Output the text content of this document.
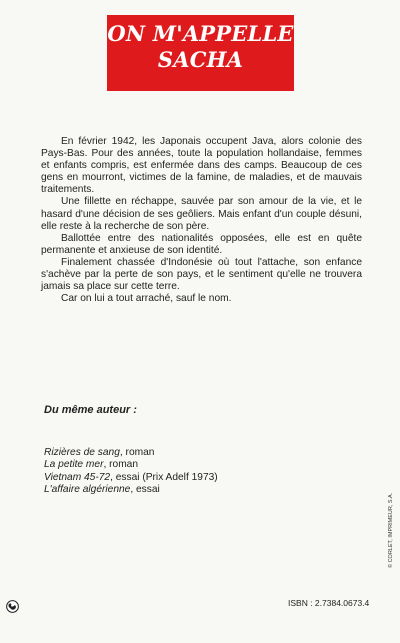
ON M'APPELLE
SACHA

En février 1942, les Japonais occupent Java, alors colonie des Pays-Bas. Pour des années, toute la population hollandaise, femmes et enfants compris, est enfermée dans des camps. Beaucoup de ces gens en mourront, victimes de la famine, de maladies, et de mauvais traitements.

Une fillette en réchappe, sauvée par son amour de la vie, et le hasard d'une décision de ses geôliers. Mais enfant d'un couple désuni, elle reste à la recherche de son père.

Ballottée entre des nationalités opposées, elle est en quête permanente et anxieuse de son identité.

Finalement chassée d'Indonésie où tout l'attache, son enfance s'achève par la perte de son pays, et le sentiment qu'elle ne trouvera jamais sa place sur cette terre.

Car on lui a tout arraché, sauf le nom.

Du même auteur :
Rizières de sang, roman
La petite mer, roman
Vietnam 45-72, essai (Prix Adelf 1973)
L'affaire algérienne, essai
ISBN : 2.7384.0673.4
© CORLET, IMPRIMEUR, S.A.
